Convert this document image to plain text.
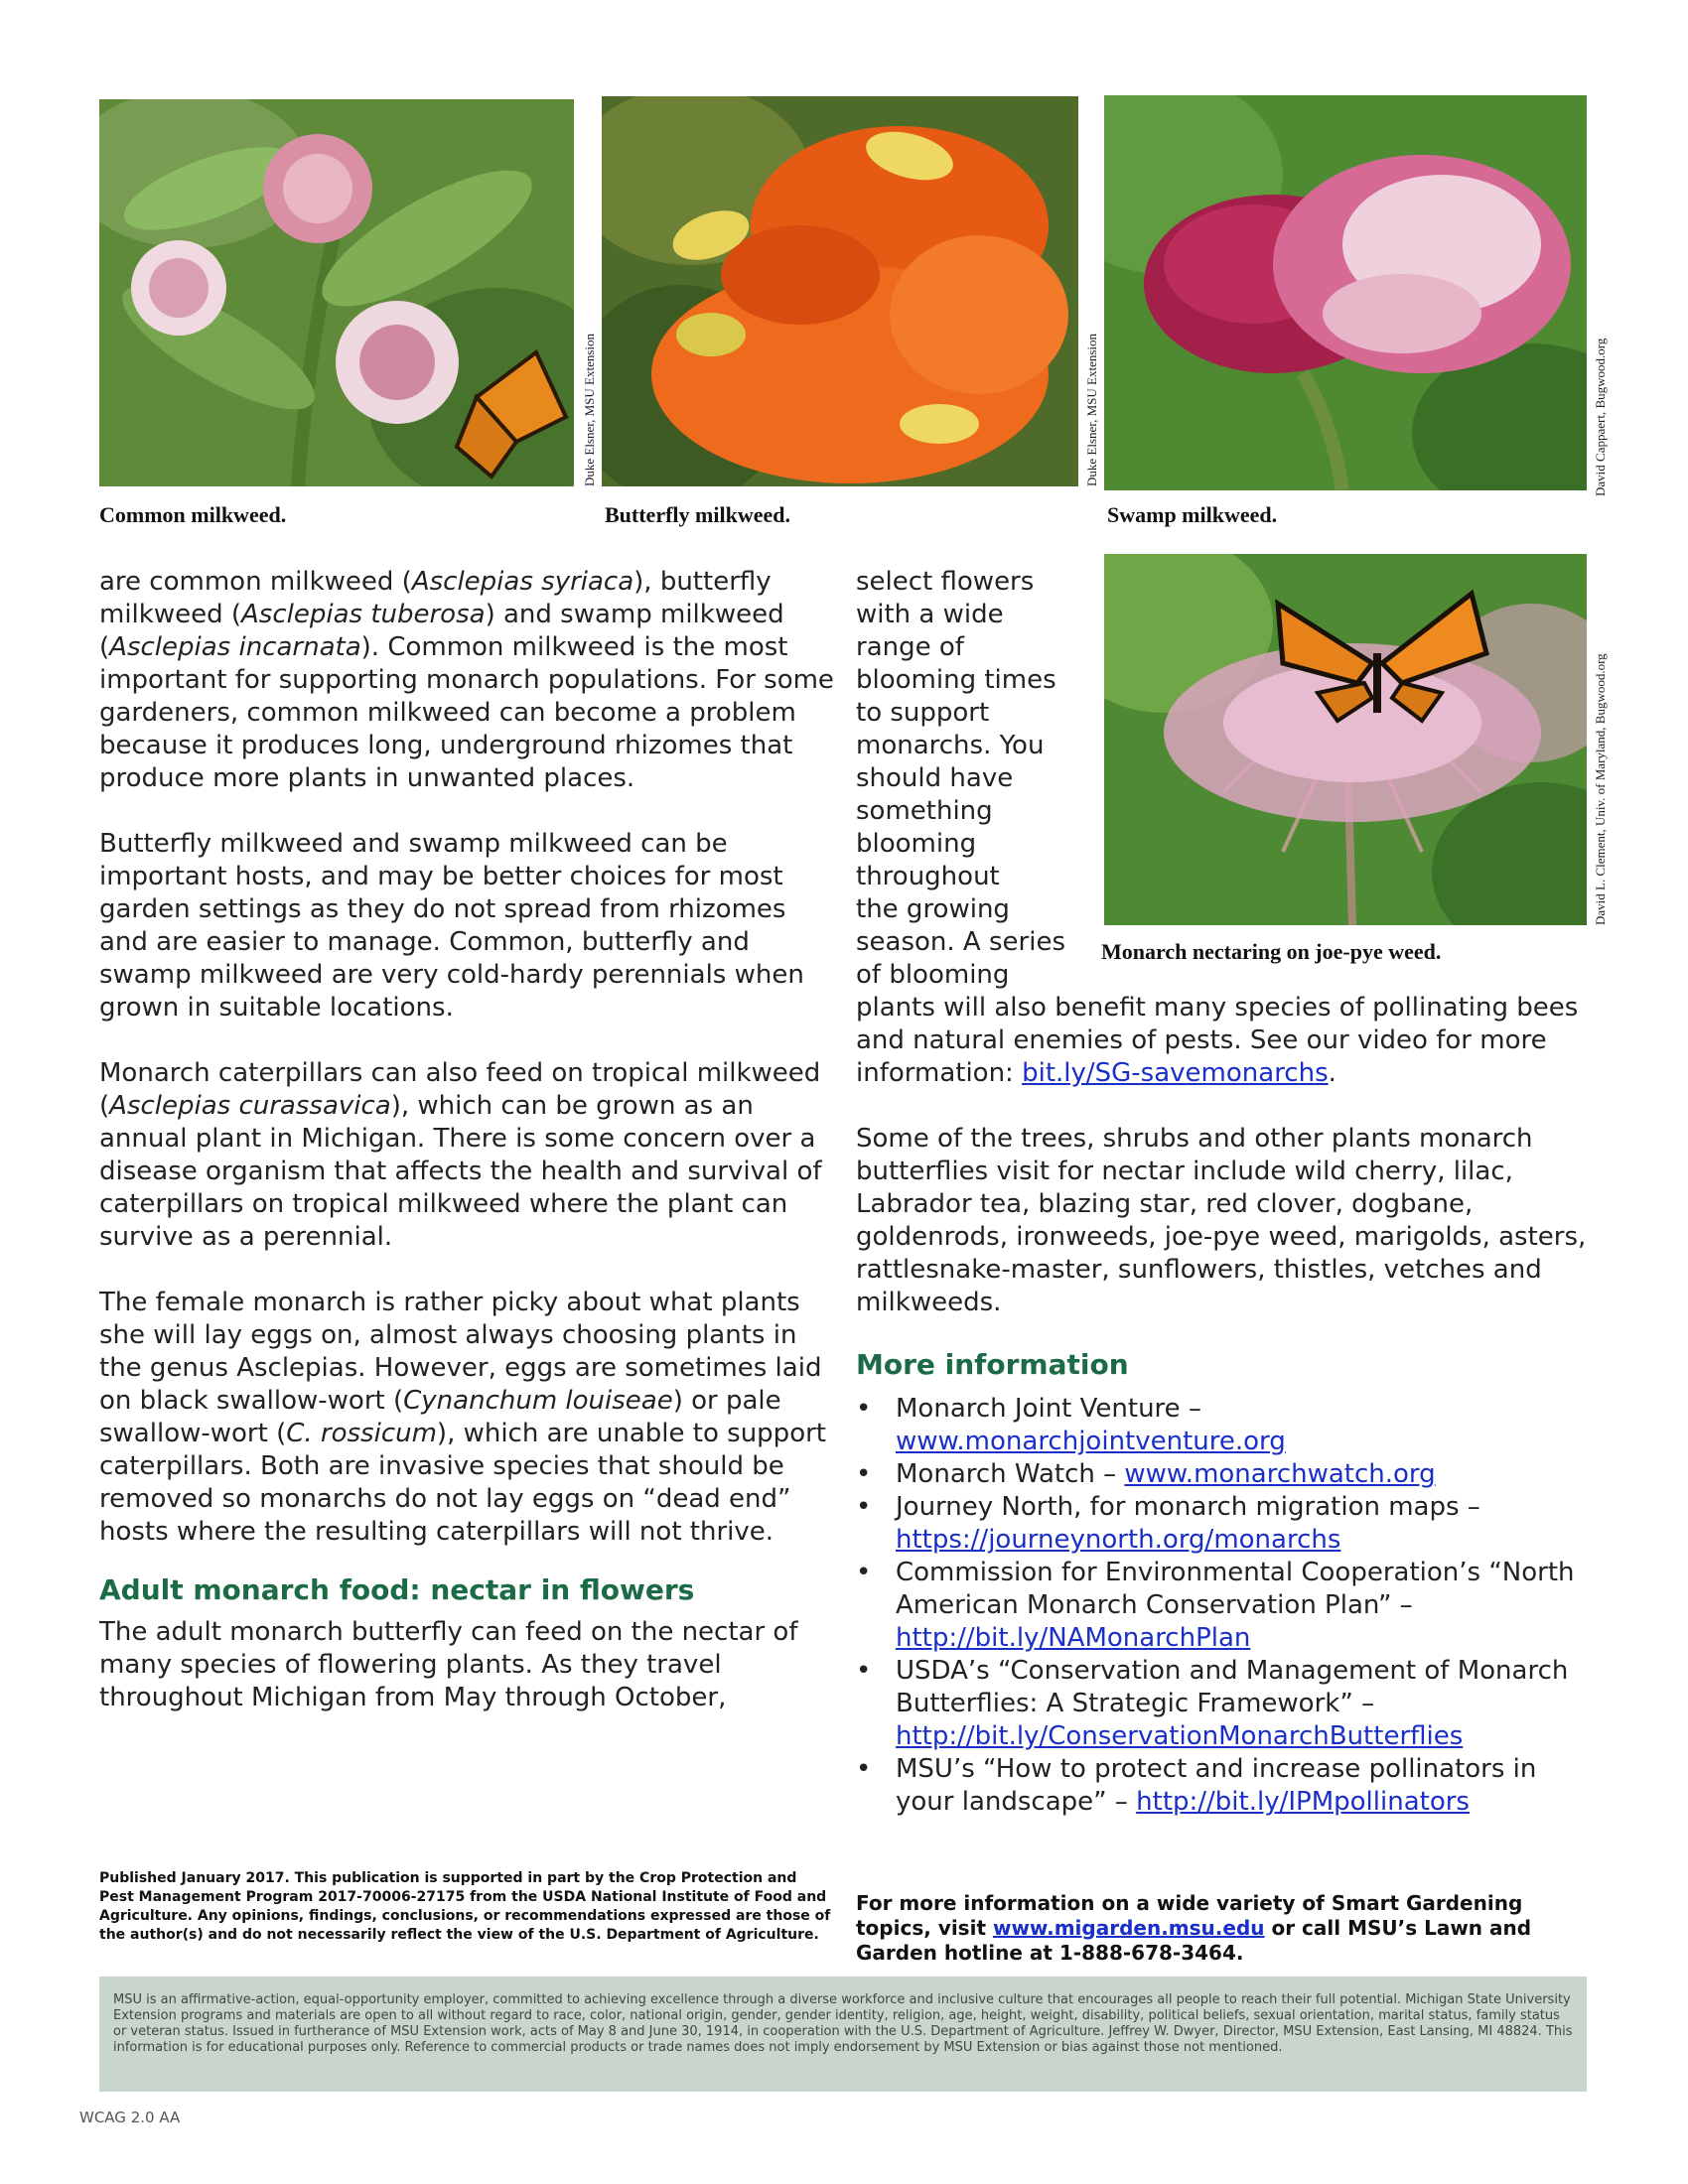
Duke Elsner, MSU Extension
Common milkweed.
Duke Elsner, MSU Extension
Butterfly milkweed.
David Cappaert, Bugwood.org
Swamp milkweed.
David L. Clement, Univ. of Maryland, Bugwood.org
Monarch nectaring on joe-pye weed.

are common milkweed (Asclepias syriaca), butterfly milkweed (Asclepias tuberosa) and swamp milkweed (Asclepias incarnata). Common milkweed is the most important for supporting monarch populations. For some gardeners, common milkweed can become a problem because it produces long, underground rhizomes that produce more plants in unwanted places.

Butterfly milkweed and swamp milkweed can be important hosts, and may be better choices for most garden settings as they do not spread from rhizomes and are easier to manage. Common, butterfly and swamp milkweed are very cold-hardy perennials when grown in suitable locations.

Monarch caterpillars can also feed on tropical milkweed (Asclepias curassavica), which can be grown as an annual plant in Michigan. There is some concern over a disease organism that affects the health and survival of caterpillars on tropical milkweed where the plant can survive as a perennial.

The female monarch is rather picky about what plants she will lay eggs on, almost always choosing plants in the genus Asclepias. However, eggs are sometimes laid on black swallow-wort (Cynanchum louiseae) or pale swallow-wort (C. rossicum), which are unable to support caterpillars. Both are invasive species that should be removed so monarchs do not lay eggs on “dead end” hosts where the resulting caterpillars will not thrive.

Adult monarch food: nectar in flowers

The adult monarch butterfly can feed on the nectar of many species of flowering plants. As they travel throughout Michigan from May through October,

select flowers
with a wide
range of
blooming times
to support
monarchs. You
should have
something
blooming
throughout
the growing
season. A series
of blooming

plants will also benefit many species of pollinating bees and natural enemies of pests. See our video for more information: bit.ly/SG-savemonarchs.

Some of the trees, shrubs and other plants monarch butterflies visit for nectar include wild cherry, lilac, Labrador tea, blazing star, red clover, dogbane, goldenrods, ironweeds, joe-pye weed, marigolds, asters, rattlesnake-master, sunflowers, thistles, vetches and milkweeds.

More information
• Monarch Joint Venture – www.monarchjointventure.org
• Monarch Watch – www.monarchwatch.org
• Journey North, for monarch migration maps – https://journeynorth.org/monarchs
• Commission for Environmental Cooperation’s “North American Monarch Conservation Plan” – http://bit.ly/NAMonarchPlan
• USDA’s “Conservation and Management of Monarch Butterflies: A Strategic Framework” – http://bit.ly/ConservationMonarchButterflies
• MSU’s “How to protect and increase pollinators in your landscape” – http://bit.ly/IPMpollinators
Published January 2017. This publication is supported in part by the Crop Protection and Pest Management Program 2017-70006-27175 from the USDA National Institute of Food and Agriculture. Any opinions, findings, conclusions, or recommendations expressed are those of the author(s) and do not necessarily reflect the view of the U.S. Department of Agriculture.
For more information on a wide variety of Smart Gardening topics, visit www.migarden.msu.edu or call MSU’s Lawn and Garden hotline at 1-888-678-3464.
MSU is an affirmative-action, equal-opportunity employer, committed to achieving excellence through a diverse workforce and inclusive culture that encourages all people to reach their full potential. Michigan State University Extension programs and materials are open to all without regard to race, color, national origin, gender, gender identity, religion, age, height, weight, disability, political beliefs, sexual orientation, marital status, family status or veteran status. Issued in furtherance of MSU Extension work, acts of May 8 and June 30, 1914, in cooperation with the U.S. Department of Agriculture. Jeffrey W. Dwyer, Director, MSU Extension, East Lansing, MI 48824. This information is for educational purposes only. Reference to commercial products or trade names does not imply endorsement by MSU Extension or bias against those not mentioned.
WCAG 2.0 AA
